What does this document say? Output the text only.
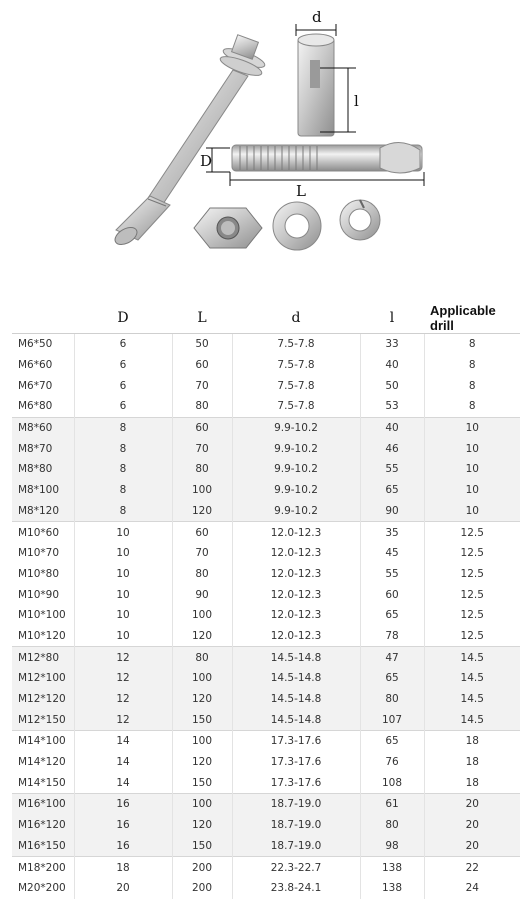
d
l
D
L
	D	L	d	l	Applicable drill
M6*50	6	50	7.5-7.8	33	8
M6*60	6	60	7.5-7.8	40	8
M6*70	6	70	7.5-7.8	50	8
M6*80	6	80	7.5-7.8	53	8
M8*60	8	60	9.9-10.2	40	10
M8*70	8	70	9.9-10.2	46	10
M8*80	8	80	9.9-10.2	55	10
M8*100	8	100	9.9-10.2	65	10
M8*120	8	120	9.9-10.2	90	10
M10*60	10	60	12.0-12.3	35	12.5
M10*70	10	70	12.0-12.3	45	12.5
M10*80	10	80	12.0-12.3	55	12.5
M10*90	10	90	12.0-12.3	60	12.5
M10*100	10	100	12.0-12.3	65	12.5
M10*120	10	120	12.0-12.3	78	12.5
M12*80	12	80	14.5-14.8	47	14.5
M12*100	12	100	14.5-14.8	65	14.5
M12*120	12	120	14.5-14.8	80	14.5
M12*150	12	150	14.5-14.8	107	14.5
M14*100	14	100	17.3-17.6	65	18
M14*120	14	120	17.3-17.6	76	18
M14*150	14	150	17.3-17.6	108	18
M16*100	16	100	18.7-19.0	61	20
M16*120	16	120	18.7-19.0	80	20
M16*150	16	150	18.7-19.0	98	20
M18*200	18	200	22.3-22.7	138	22
M20*200	20	200	23.8-24.1	138	24
